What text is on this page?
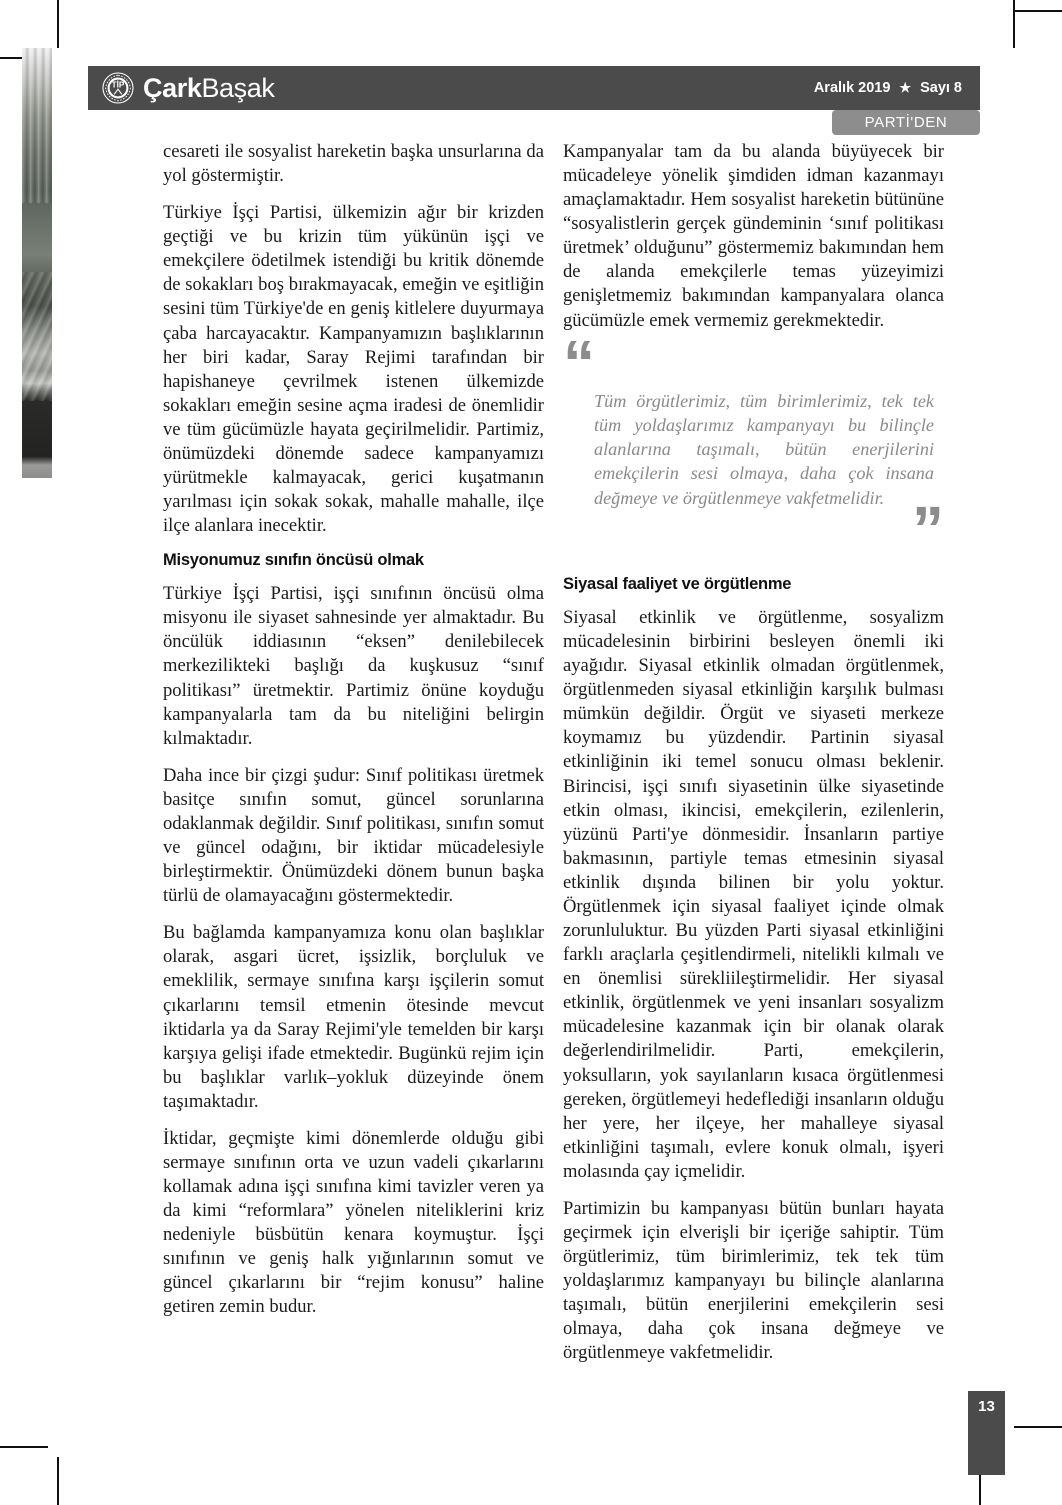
TİP ÇarkBaşak	Aralık 2019 ★ Sayı 8
PARTİ'DEN

cesareti ile sosyalist hareketin başka unsurlarına da yol göstermiştir.

Türkiye İşçi Partisi, ülkemizin ağır bir krizden geçtiği ve bu krizin tüm yükünün işçi ve emekçilere ödetilmek istendiği bu kritik dönemde de sokakları boş bırakmayacak, emeğin ve eşitliğin sesini tüm Türkiye'de en geniş kitlelere duyurmaya çaba harcayacaktır. Kampanyamızın başlıklarının her biri kadar, Saray Rejimi tarafından bir hapishaneye çevrilmek istenen ülkemizde sokakları emeğin sesine açma iradesi de önemlidir ve tüm gücümüzle hayata geçirilmelidir. Partimiz, önümüzdeki dönemde sadece kampanyamızı yürütmekle kalmayacak, gerici kuşatmanın yarılması için sokak sokak, mahalle mahalle, ilçe ilçe alanlara inecektir.

Misyonumuz sınıfın öncüsü olmak

Türkiye İşçi Partisi, işçi sınıfının öncüsü olma misyonu ile siyaset sahnesinde yer almaktadır. Bu öncülük iddiasının “eksen” denilebilecek merkezilikteki başlığı da kuşkusuz “sınıf politikası” üretmektir. Partimiz önüne koyduğu kampanyalarla tam da bu niteliğini belirgin kılmaktadır.

Daha ince bir çizgi şudur: Sınıf politikası üretmek basitçe sınıfın somut, güncel sorunlarına odaklanmak değildir. Sınıf politikası, sınıfın somut ve güncel odağını, bir iktidar mücadelesiyle birleştirmektir. Önümüzdeki dönem bunun başka türlü de olamayacağını göstermektedir.

Bu bağlamda kampanyamıza konu olan başlıklar olarak, asgari ücret, işsizlik, borçluluk ve emeklilik, sermaye sınıfına karşı işçilerin somut çıkarlarını temsil etmenin ötesinde mevcut iktidarla ya da Saray Rejimi'yle temelden bir karşı karşıya gelişi ifade etmektedir. Bugünkü rejim için bu başlıklar varlık–yokluk düzeyinde önem taşımaktadır.

İktidar, geçmişte kimi dönemlerde olduğu gibi sermaye sınıfının orta ve uzun vadeli çıkarlarını kollamak adına işçi sınıfına kimi tavizler veren ya da kimi “reformlara” yönelen niteliklerini kriz nedeniyle büsbütün kenara koymuştur. İşçi sınıfının ve geniş halk yığınlarının somut ve güncel çıkarlarını bir “rejim konusu” haline getiren zemin budur.

Kampanyalar tam da bu alanda büyüyecek bir mücadeleye yönelik şimdiden idman kazanmayı amaçlamaktadır. Hem sosyalist hareketin bütününe “sosyalistlerin gerçek gündeminin ‘sınıf politikası üretmek’ olduğunu” göstermemiz bakımından hem de alanda emekçilerle temas yüzeyimizi genişletmemiz bakımından kampanyalara olanca gücümüzle emek vermemiz gerekmektedir.

“

Tüm örgütlerimiz, tüm birimlerimiz, tek tek tüm yoldaşlarımız kampanyayı bu bilinçle alanlarına taşımalı, bütün enerjilerini emekçilerin sesi olmaya, daha çok insana değmeye ve örgütlenmeye vakfetmelidir. ”
Siyasal faaliyet ve örgütlenme

Siyasal etkinlik ve örgütlenme, sosyalizm mücadelesinin birbirini besleyen önemli iki ayağıdır. Siyasal etkinlik olmadan örgütlenmek, örgütlenmeden siyasal etkinliğin karşılık bulması mümkün değildir. Örgüt ve siyaseti merkeze koymamız bu yüzdendir. Partinin siyasal etkinliğinin iki temel sonucu olması beklenir. Birincisi, işçi sınıfı siyasetinin ülke siyasetinde etkin olması, ikincisi, emekçilerin, ezilenlerin, yüzünü Parti'ye dönmesidir. İnsanların partiye bakmasının, partiyle temas etmesinin siyasal etkinlik dışında bilinen bir yolu yoktur. Örgütlenmek için siyasal faaliyet içinde olmak zorunluluktur. Bu yüzden Parti siyasal etkinliğini farklı araçlarla çeşitlendirmeli, nitelikli kılmalı ve en önemlisi sürekliileştirmelidir. Her siyasal etkinlik, örgütlenmek ve yeni insanları sosyalizm mücadelesine kazanmak için bir olanak olarak değerlendirilmelidir. Parti, emekçilerin, yoksulların, yok sayılanların kısaca örgütlenmesi gereken, örgütlemeyi hedeflediği insanların olduğu her yere, her ilçeye, her mahalleye siyasal etkinliğini taşımalı, evlere konuk olmalı, işyeri molasında çay içmelidir.

Partimizin bu kampanyası bütün bunları hayata geçirmek için elverişli bir içeriğe sahiptir. Tüm örgütlerimiz, tüm birimlerimiz, tek tek tüm yoldaşlarımız kampanyayı bu bilinçle alanlarına taşımalı, bütün enerjilerini emekçilerin sesi olmaya, daha çok insana değmeye ve örgütlenmeye vakfetmelidir.

13
